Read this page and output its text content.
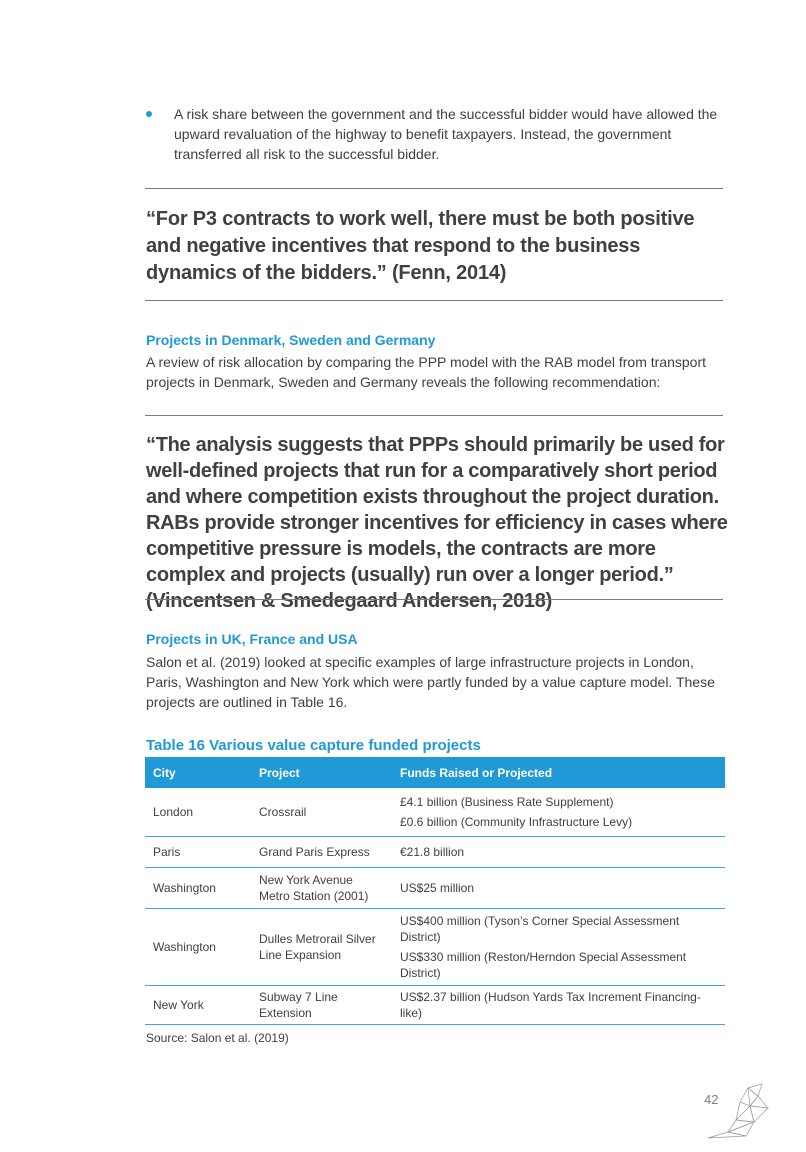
A risk share between the government and the successful bidder would have allowed the upward revaluation of the highway to benefit taxpayers. Instead, the government transferred all risk to the successful bidder.

“For P3 contracts to work well, there must be both positive and negative incentives that respond to the business dynamics of the bidders.” (Fenn, 2014)

Projects in Denmark, Sweden and Germany

A review of risk allocation by comparing the PPP model with the RAB model from transport projects in Denmark, Sweden and Germany reveals the following recommendation:

“The analysis suggests that PPPs should primarily be used for well-defined projects that run for a comparatively short period and where competition exists throughout the project duration. RABs provide stronger incentives for efficiency in cases where competitive pressure is models, the contracts are more complex and projects (usually) run over a longer period.” (Vincentsen & Smedegaard Andersen, 2018)

Projects in UK, France and USA

Salon et al. (2019) looked at specific examples of large infrastructure projects in London, Paris, Washington and New York which were partly funded by a value capture model. These projects are outlined in Table 16.

Table 16 Various value capture funded projects

City	Project	Funds Raised or Projected
London	Crossrail	£4.1 billion (Business Rate Supplement)
£0.6 billion (Community Infrastructure Levy)

Paris	Grand Paris Express	€21.8 billion

Washington	New York Avenue Metro Station (2001)	US$25 million

Washington	Dulles Metrorail Silver Line Expansion	US$400 million (Tyson’s Corner Special Assessment District)
US$330 million (Reston/Herndon Special Assessment District)

New York	Subway 7 Line Extension	US$2.37 billion (Hudson Yards Tax Increment Financing-like)

Source: Salon et al. (2019)

42
